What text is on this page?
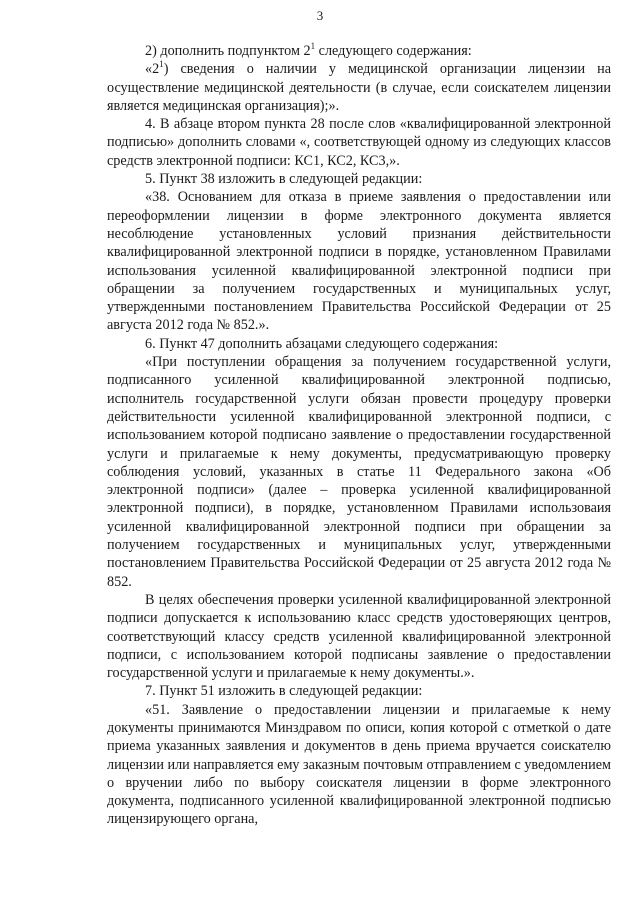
3

2) дополнить подпунктом $2^1$ следующего содержания:

«$2^1$) сведения о наличии у медицинской организации лицензии на осуществление медицинской деятельности (в случае, если соискателем лицензии является медицинская организация);».

4. В абзаце втором пункта 28 после слов «квалифицированной электронной подписью» дополнить словами «, соответствующей одному из следующих классов средств электронной подписи: КС1, КС2, КС3,».

5. Пункт 38 изложить в следующей редакции:

«38. Основанием для отказа в приеме заявления о предоставлении или переоформлении лицензии в форме электронного документа является несоблюдение установленных условий признания действительности квалифицированной электронной подписи в порядке, установленном Правилами использования усиленной квалифицированной электронной подписи при обращении за получением государственных и муниципальных услуг, утвержденными постановлением Правительства Российской Федерации от 25 августа 2012 года № 852.».

6. Пункт 47 дополнить абзацами следующего содержания:

«При поступлении обращения за получением государственной услуги, подписанного усиленной квалифицированной электронной подписью, исполнитель государственной услуги обязан провести процедуру проверки действительности усиленной квалифицированной электронной подписи, с использованием которой подписано заявление о предоставлении государственной услуги и прилагаемые к нему документы, предусматривающую проверку соблюдения условий, указанных в статье 11 Федерального закона «Об электронной подписи» (далее – проверка усиленной квалифицированной электронной подписи), в порядке, установленном Правилами использоваия усиленной квалифицированной электронной подписи при обращении за получением государственных и муниципальных услуг, утвержденными постановлением Правительства Российской Федерации от 25 августа 2012 года № 852.

В целях обеспечения проверки усиленной квалифицированной электронной подписи допускается к использованию класс средств удостоверяющих центров, соответствующий классу средств усиленной квалифицированной электронной подписи, с использованием которой подписаны заявление о предоставлении государственной услуги и прилагаемые к нему документы.».

7. Пункт 51 изложить в следующей редакции:

«51. Заявление о предоставлении лицензии и прилагаемые к нему документы принимаются Минздравом по описи, копия которой с отметкой о дате приема указанных заявления и документов в день приема вручается соискателю лицензии или направляется ему заказным почтовым отправлением с уведомлением о вручении либо по выбору соискателя лицензии в форме электронного документа, подписанного усиленной квалифицированной электронной подписью лицензирующего органа,
